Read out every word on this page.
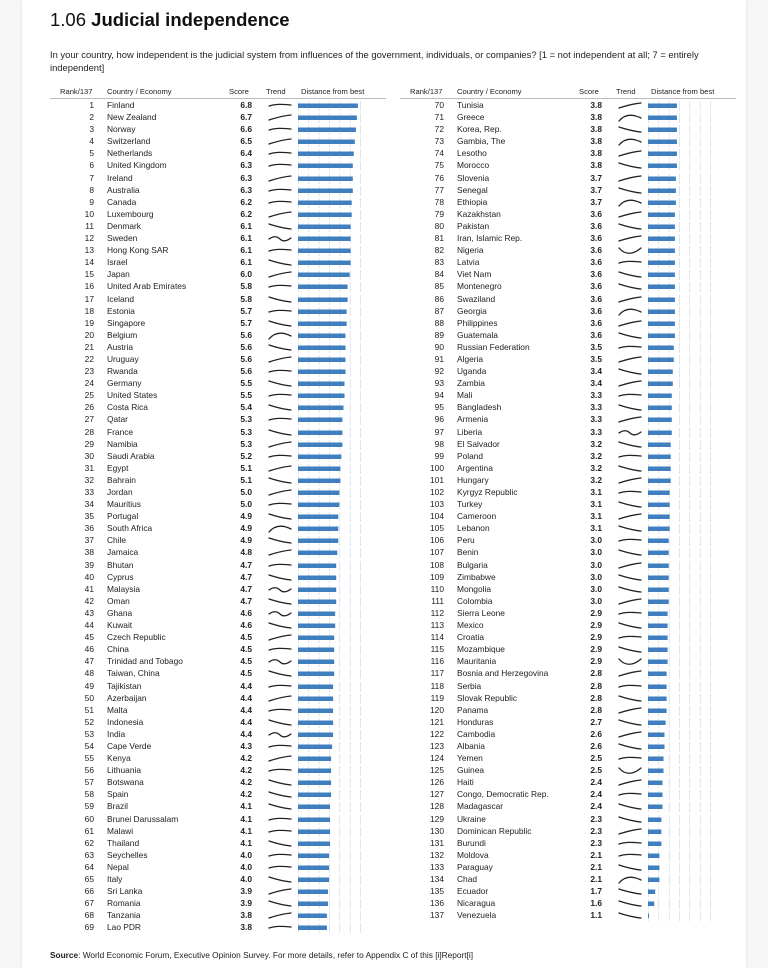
1.06 Judicial independence
In your country, how independent is the judicial system from influences of the government, individuals, or companies? [1 = not independent at all; 7 = entirely independent]
Rank/137 Country / Economy	Score Trend Distance from best
1 Finland	6.8
2 New Zealand	6.7
3 Norway	6.6
4 Switzerland	6.5
5 Netherlands	6.4
6 United Kingdom	6.3
7 Ireland	6.3
8 Australia	6.3
9 Canada	6.2
10 Luxembourg	6.2
11 Denmark	6.1
12 Sweden	6.1
13 Hong Kong SAR	6.1
14 Israel	6.1
15 Japan	6.0
16 United Arab Emirates	5.8
17 Iceland	5.8
18 Estonia	5.7
19 Singapore	5.7
20 Belgium	5.6
21 Austria	5.6
22 Uruguay	5.6
23 Rwanda	5.6
24 Germany	5.5
25 United States	5.5
26 Costa Rica	5.4
27 Qatar	5.3
28 France	5.3
29 Namibia	5.3
30 Saudi Arabia	5.2
31 Egypt	5.1
32 Bahrain	5.1
33 Jordan	5.0
34 Mauritius	5.0
35 Portugal	4.9
36 South Africa	4.9
37 Chile	4.9
38 Jamaica	4.8
39 Bhutan	4.7
40 Cyprus	4.7
41 Malaysia	4.7
42 Oman	4.7
43 Ghana	4.6
44 Kuwait	4.6
45 Czech Republic	4.5
46 China	4.5
47 Trinidad and Tobago	4.5
48 Taiwan, China	4.5
49 Tajikistan	4.4
50 Azerbaijan	4.4
51 Malta	4.4
52 Indonesia	4.4
53 India	4.4
54 Cape Verde	4.3
55 Kenya	4.2
56 Lithuania	4.2
57 Botswana	4.2
58 Spain	4.2
59 Brazil	4.1
60 Brunei Darussalam	4.1
61 Malawi	4.1
62 Thailand	4.1
63 Seychelles	4.0
64 Nepal	4.0
65 Italy	4.0
66 Sri Lanka	3.9
67 Romania	3.9
68 Tanzania	3.8
69 Lao PDR	3.8
Rank/137 Country / Economy	Score Trend Distance from best
70 Tunisia	3.8
71 Greece	3.8
72 Korea, Rep.	3.8
73 Gambia, The	3.8
74 Lesotho	3.8
75 Morocco	3.8
76 Slovenia	3.7
77 Senegal	3.7
78 Ethiopia	3.7
79 Kazakhstan	3.6
80 Pakistan	3.6
81 Iran, Islamic Rep.	3.6
82 Nigeria	3.6
83 Latvia	3.6
84 Viet Nam	3.6
85 Montenegro	3.6
86 Swaziland	3.6
87 Georgia	3.6
88 Philippines	3.6
89 Guatemala	3.6
90 Russian Federation	3.5
91 Algeria	3.5
92 Uganda	3.4
93 Zambia	3.4
94 Mali	3.3
95 Bangladesh	3.3
96 Armenia	3.3
97 Liberia	3.3
98 El Salvador	3.2
99 Poland	3.2
100 Argentina	3.2
101 Hungary	3.2
102 Kyrgyz Republic	3.1
103 Turkey	3.1
104 Cameroon	3.1
105 Lebanon	3.1
106 Peru	3.0
107 Benin	3.0
108 Bulgaria	3.0
109 Zimbabwe	3.0
110 Mongolia	3.0
111 Colombia	3.0
112 Sierra Leone	2.9
113 Mexico	2.9
114 Croatia	2.9
115 Mozambique	2.9
116 Mauritania	2.9
117 Bosnia and Herzegovina	2.8
118 Serbia	2.8
119 Slovak Republic	2.8
120 Panama	2.8
121 Honduras	2.7
122 Cambodia	2.6
123 Albania	2.6
124 Yemen	2.5
125 Guinea	2.5
126 Haiti	2.4
127 Congo, Democratic Rep.	2.4
128 Madagascar	2.4
129 Ukraine	2.3
130 Dominican Republic	2.3
131 Burundi	2.3
132 Moldova	2.1
133 Paraguay	2.1
134 Chad	2.1
135 Ecuador	1.7
136 Nicaragua	1.6
137 Venezuela	1.1
Source: World Economic Forum, Executive Opinion Survey. For more details, refer to Appendix C of this [i]Report[i]
